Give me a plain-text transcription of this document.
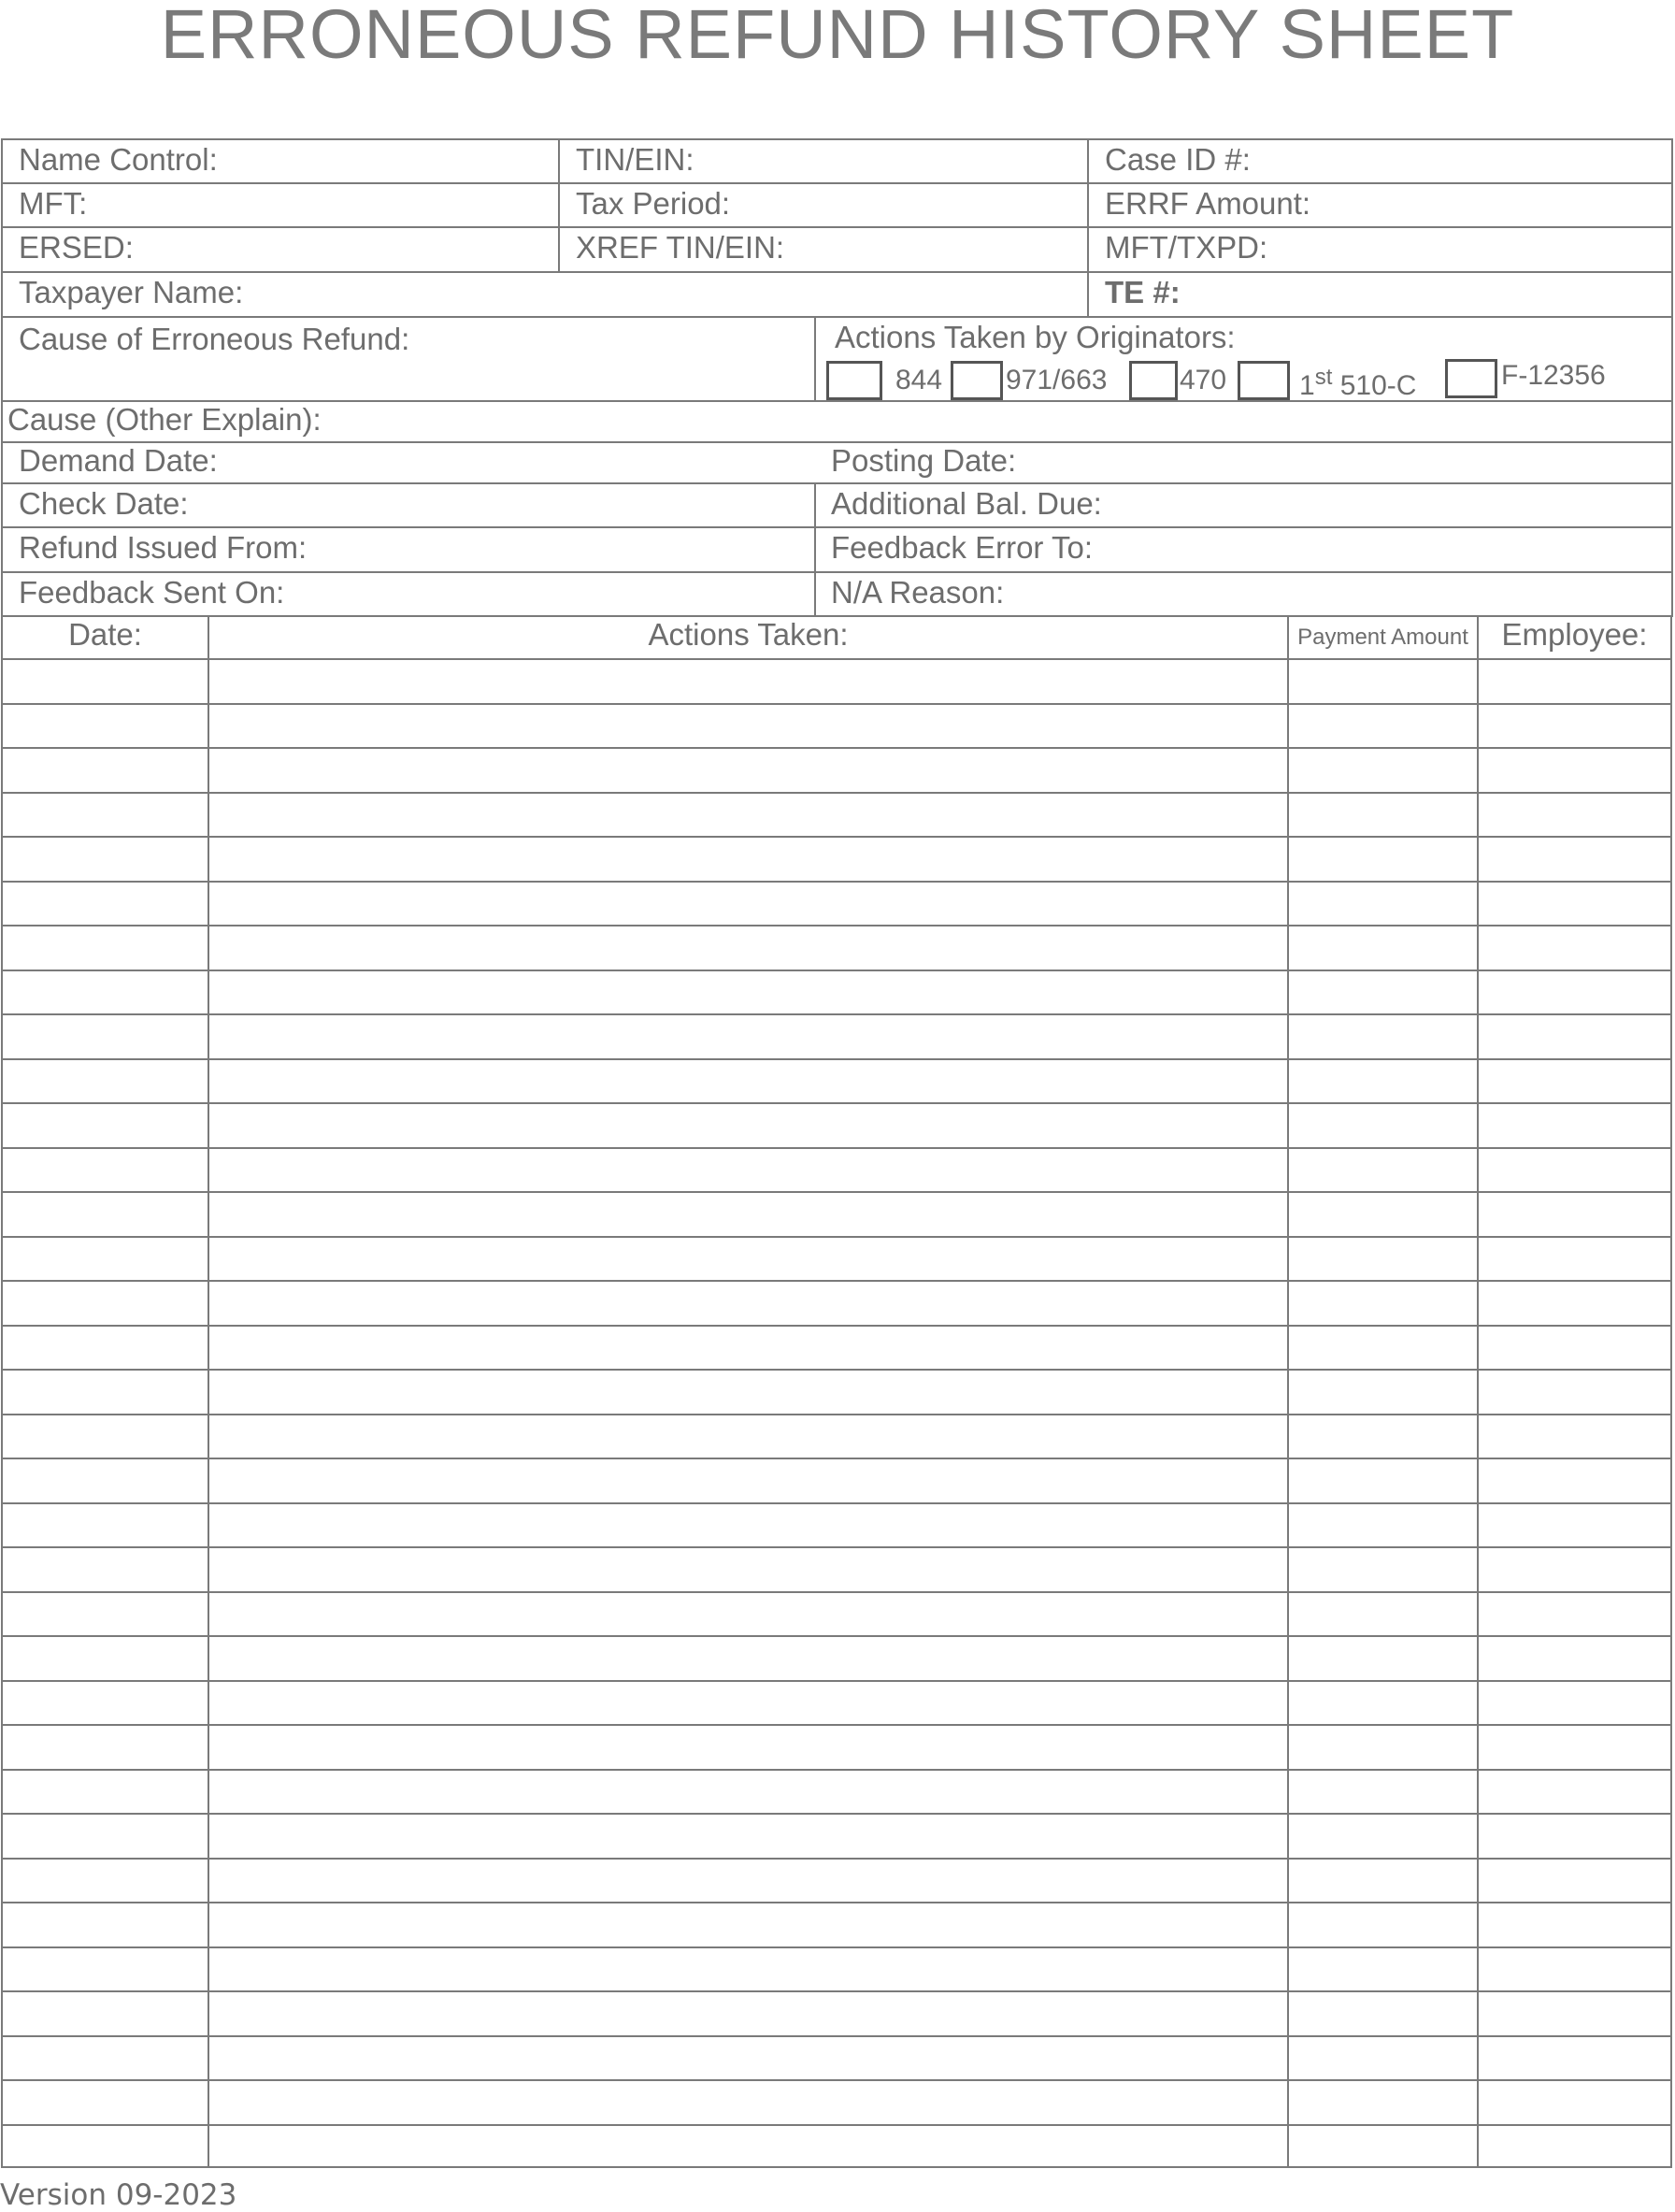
ERRONEOUS REFUND HISTORY SHEET
Name Control:	TIN/EIN:	Case ID #:
MFT:	Tax Period:	ERRF Amount:
ERSED:	XREF TIN/EIN:	MFT/TXPD:
Taxpayer Name:	TE #:
Cause of Erroneous Refund:	Actions Taken by Originators:
844 971/663	470	1st 510-C	F-12356
Cause (Other Explain):
Demand Date:	Posting Date:
Check Date:	Additional Bal. Due:
Refund Issued From:	Feedback Error To:
Feedback Sent On:	N/A Reason:
Date:	Actions Taken:	Payment Amount	Employee:
Version 09-2023
